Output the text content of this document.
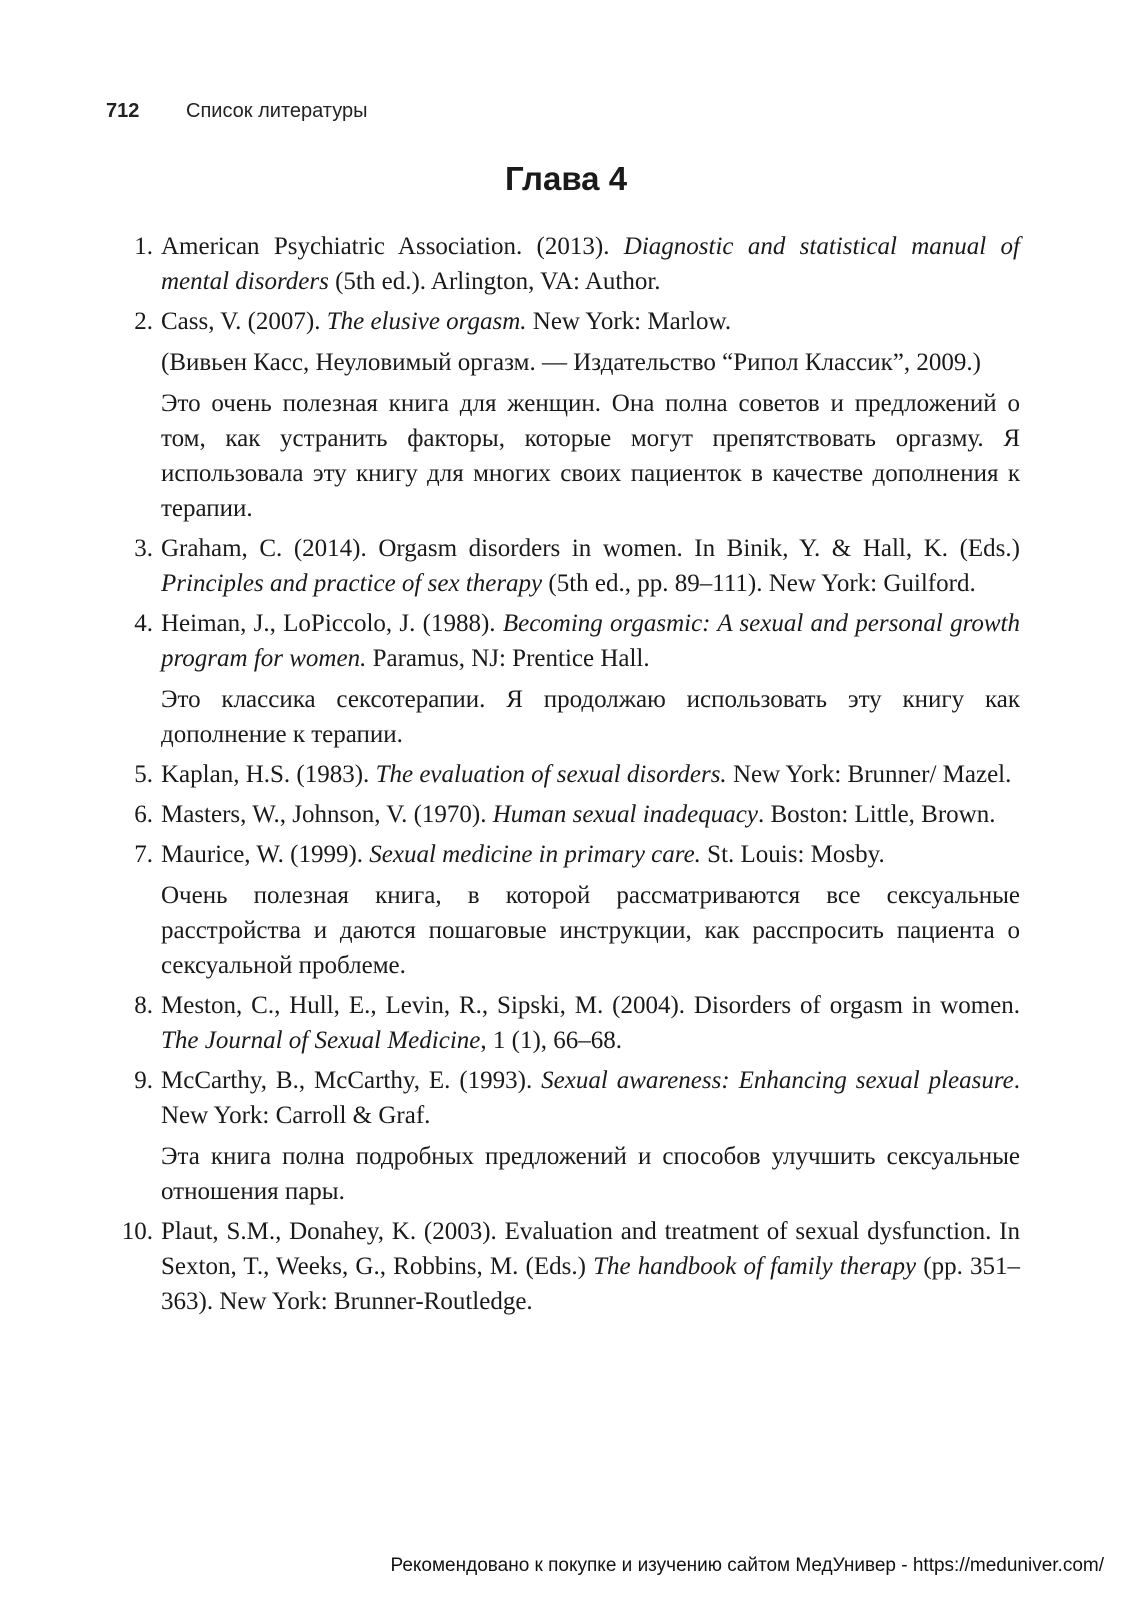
712	Список литературы
Глава 4
1. American Psychiatric Association. (2013). Diagnostic and statistical manual of mental disorders (5th ed.). Arlington, VA: Author.

2. Cass, V. (2007). The elusive orgasm. New York: Marlow.

(Вивьен Касс, Неуловимый оргазм. — Издательство “Рипол Классик”, 2009.)

Это очень полезная книга для женщин. Она полна советов и предложений о том, как устранить факторы, которые могут препятствовать оргазму. Я использовала эту книгу для многих своих пациенток в качестве дополнения к терапии.

3. Graham, C. (2014). Orgasm disorders in women. In Binik, Y. & Hall, K. (Eds.) Principles and practice of sex therapy (5th ed., pp. 89–111). New York: Guilford.

4. Heiman, J., LoPiccolo, J. (1988). Becoming orgasmic: A sexual and personal growth program for women. Paramus, NJ: Prentice Hall.

Это классика сексотерапии. Я продолжаю использовать эту книгу как дополнение к терапии.

5. Kaplan, H.S. (1983). The evaluation of sexual disorders. New York: Brunner/ Mazel.

6. Masters, W., Johnson, V. (1970). Human sexual inadequacy. Boston: Little, Brown.

7. Maurice, W. (1999). Sexual medicine in primary care. St. Louis: Mosby.

Очень полезная книга, в которой рассматриваются все сексуальные расстройства и даются пошаговые инструкции, как расспросить пациента о сексуальной проблеме.

8. Meston, C., Hull, E., Levin, R., Sipski, M. (2004). Disorders of orgasm in women. The Journal of Sexual Medicine, 1 (1), 66–68.

9. McCarthy, B., McCarthy, E. (1993). Sexual awareness: Enhancing sexual pleasure. New York: Carroll & Graf.

Эта книга полна подробных предложений и способов улучшить сексуальные отношения пары.

10. Plaut, S.M., Donahey, K. (2003). Evaluation and treatment of sexual dysfunction. In Sexton, T., Weeks, G., Robbins, M. (Eds.) The handbook of family therapy (pp. 351–363). New York: Brunner-Routledge.

Рекомендовано к покупке и изучению сайтом МедУнивер - https://meduniver.com/
